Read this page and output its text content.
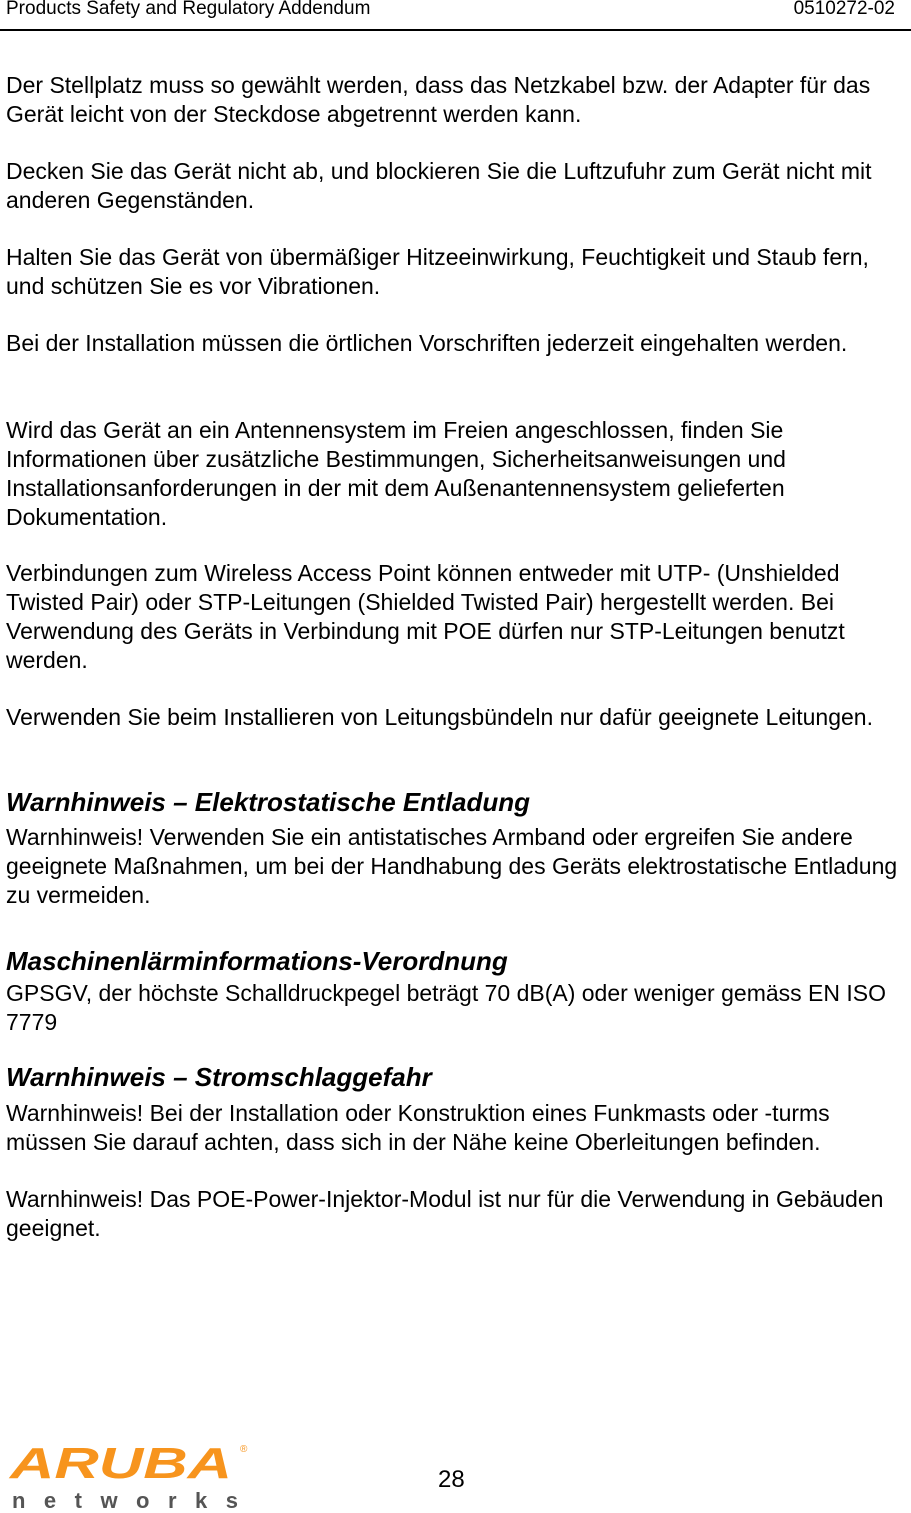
Products Safety and Regulatory Addendum	0510272-02

Der Stellplatz muss so gewählt werden, dass das Netzkabel bzw. der Adapter für das Gerät leicht von der Steckdose abgetrennt werden kann.

Decken Sie das Gerät nicht ab, und blockieren Sie die Luftzufuhr zum Gerät nicht mit anderen Gegenständen.

Halten Sie das Gerät von übermäßiger Hitzeeinwirkung, Feuchtigkeit und Staub fern, und schützen Sie es vor Vibrationen.

Bei der Installation müssen die örtlichen Vorschriften jederzeit eingehalten werden.

Wird das Gerät an ein Antennensystem im Freien angeschlossen, finden Sie Informationen über zusätzliche Bestimmungen, Sicherheitsanweisungen und Installationsanforderungen in der mit dem Außenantennensystem gelieferten Dokumentation.

Verbindungen zum Wireless Access Point können entweder mit UTP- (Unshielded Twisted Pair) oder STP-Leitungen (Shielded Twisted Pair) hergestellt werden. Bei Verwendung des Geräts in Verbindung mit POE dürfen nur STP-Leitungen benutzt werden.

Verwenden Sie beim Installieren von Leitungsbündeln nur dafür geeignete Leitungen.

Warnhinweis – Elektrostatische Entladung

Warnhinweis! Verwenden Sie ein antistatisches Armband oder ergreifen Sie andere geeignete Maßnahmen, um bei der Handhabung des Geräts elektrostatische Entladung zu vermeiden.

Maschinenlärminformations-Verordnung

GPSGV, der höchste Schalldruckpegel beträgt 70 dB(A) oder weniger gemäss EN ISO 7779

Warnhinweis – Stromschlaggefahr

Warnhinweis! Bei der Installation oder Konstruktion eines Funkmasts oder -turms müssen Sie darauf achten, dass sich in der Nähe keine Oberleitungen befinden.

Warnhinweis! Das POE-Power-Injektor-Modul ist nur für die Verwendung in Gebäuden geeignet.

ARUBA ®
networks
28
